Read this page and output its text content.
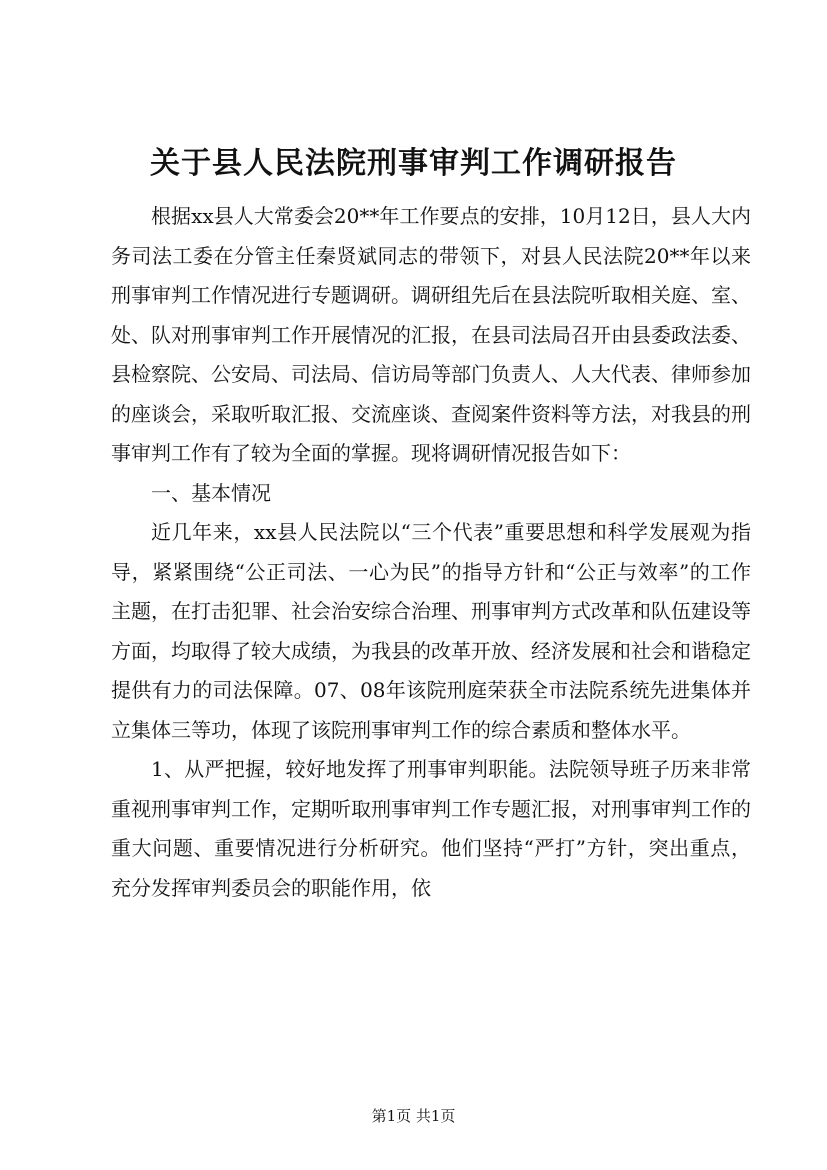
关于县人民法院刑事审判工作调研报告

根据xx县人大常委会20**年工作要点的安排，10月12日，县人大内务司法工委在分管主任秦贤斌同志的带领下，对县人民法院20**年以来刑事审判工作情况进行专题调研。调研组先后在县法院听取相关庭、室、处、队对刑事审判工作开展情况的汇报，在县司法局召开由县委政法委、县检察院、公安局、司法局、信访局等部门负责人、人大代表、律师参加的座谈会，采取听取汇报、交流座谈、查阅案件资料等方法，对我县的刑事审判工作有了较为全面的掌握。现将调研情况报告如下：

一、基本情况

近几年来，xx县人民法院以“三个代表”重要思想和科学发展观为指导，紧紧围绕“公正司法、一心为民”的指导方针和“公正与效率”的工作主题，在打击犯罪、社会治安综合治理、刑事审判方式改革和队伍建设等方面，均取得了较大成绩，为我县的改革开放、经济发展和社会和谐稳定提供有力的司法保障。07、08年该院刑庭荣获全市法院系统先进集体并立集体三等功，体现了该院刑事审判工作的综合素质和整体水平。

1、从严把握，较好地发挥了刑事审判职能。法院领导班子历来非常重视刑事审判工作，定期听取刑事审判工作专题汇报，对刑事审判工作的重大问题、重要情况进行分析研究。他们坚持“严打”方针，突出重点，充分发挥审判委员会的职能作用，依

第1页 共1页
